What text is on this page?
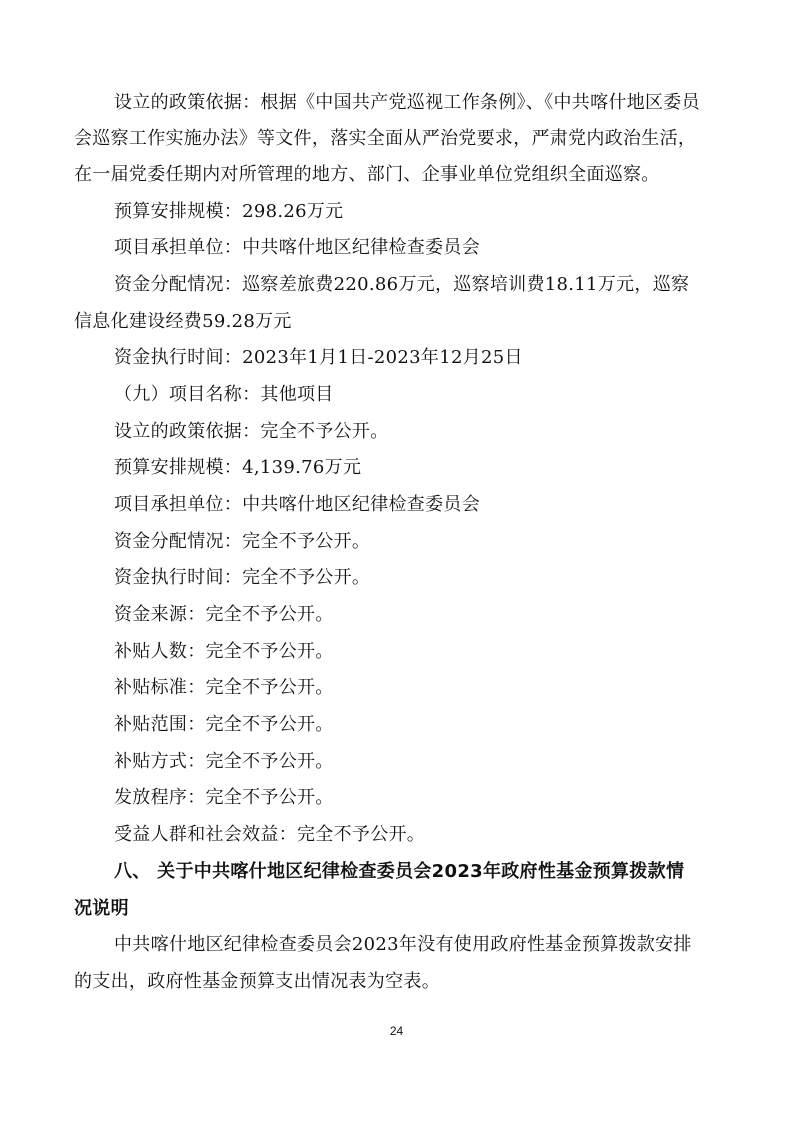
设立的政策依据：根据《中国共产党巡视工作条例》、《中共喀什地区委员
会巡察工作实施办法》等文件，落实全面从严治党要求，严肃党内政治生活，
在一届党委任期内对所管理的地方、部门、企事业单位党组织全面巡察。
预算安排规模：298.26万元
项目承担单位：中共喀什地区纪律检查委员会
资金分配情况：巡察差旅费220.86万元，巡察培训费18.11万元，巡察
信息化建设经费59.28万元
资金执行时间：2023年1月1日-2023年12月25日
（九）项目名称：其他项目
设立的政策依据：完全不予公开。
预算安排规模：4,139.76万元
项目承担单位：中共喀什地区纪律检查委员会
资金分配情况：完全不予公开。
资金执行时间：完全不予公开。
资金来源：完全不予公开。
补贴人数：完全不予公开。
补贴标准：完全不予公开。
补贴范围：完全不予公开。
补贴方式：完全不予公开。
发放程序：完全不予公开。
受益人群和社会效益：完全不予公开。
八、 关于中共喀什地区纪律检查委员会2023年政府性基金预算拨款情
况说明
中共喀什地区纪律检查委员会2023年没有使用政府性基金预算拨款安排
的支出，政府性基金预算支出情况表为空表。
24
